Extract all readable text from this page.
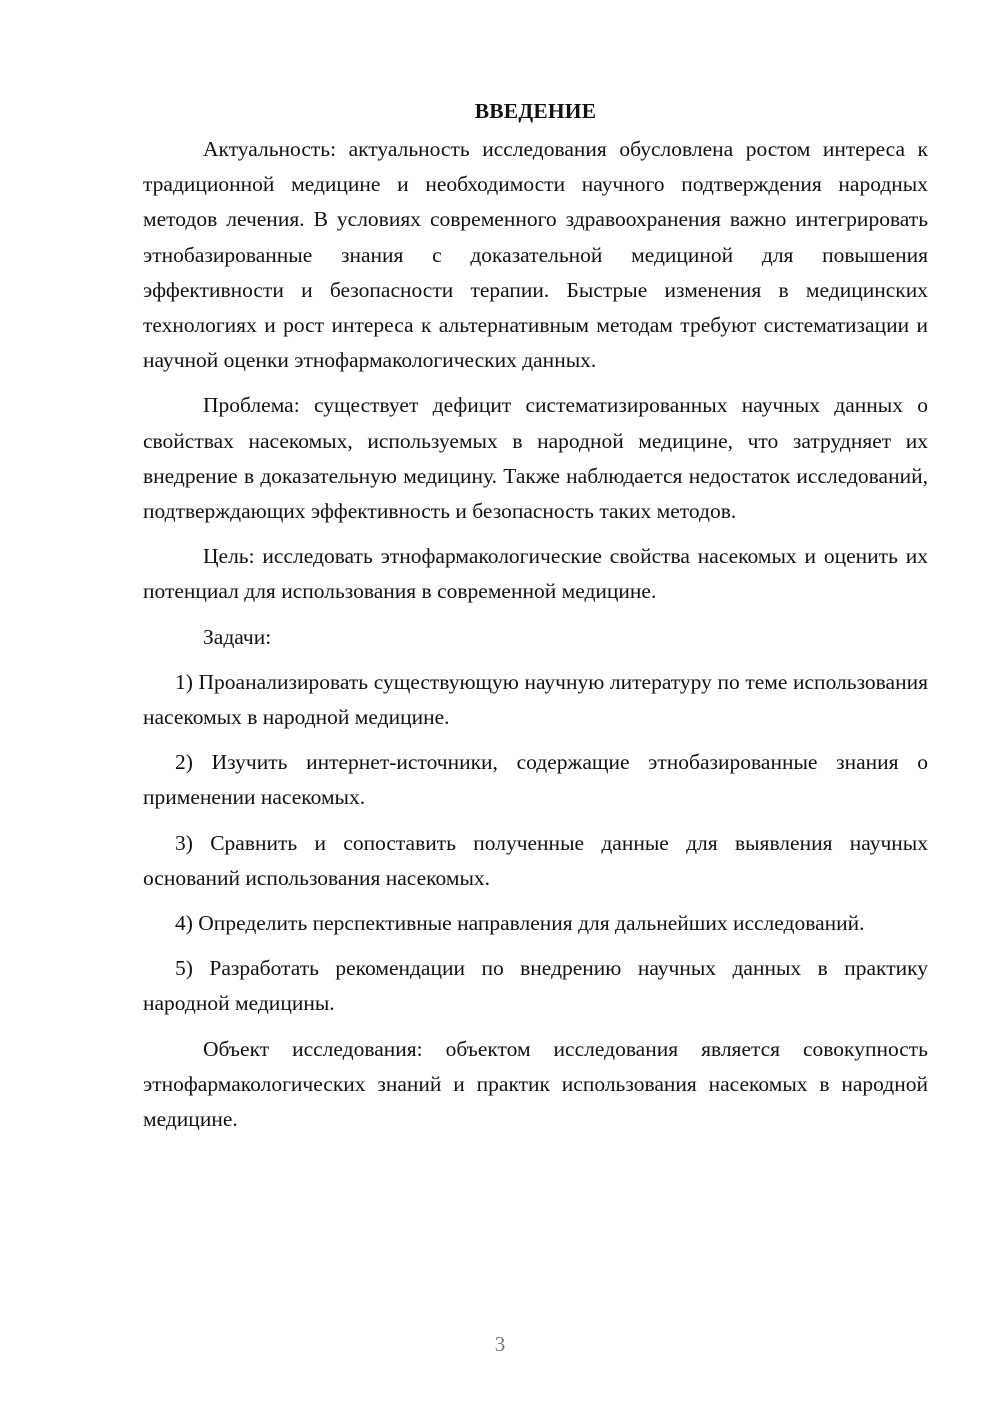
ВВЕДЕНИЕ

Актуальность: актуальность исследования обусловлена ростом интереса к традиционной медицине и необходимости научного подтверждения народных методов лечения. В условиях современного здравоохранения важно интегрировать этнобазированные знания с доказательной медициной для повышения эффективности и безопасности терапии. Быстрые изменения в медицинских технологиях и рост интереса к альтернативным методам требуют систематизации и научной оценки этнофармакологических данных.

Проблема: существует дефицит систематизированных научных данных о свойствах насекомых, используемых в народной медицине, что затрудняет их внедрение в доказательную медицину. Также наблюдается недостаток исследований, подтверждающих эффективность и безопасность таких методов.

Цель: исследовать этнофармакологические свойства насекомых и оценить их потенциал для использования в современной медицине.

Задачи:

1) Проанализировать существующую научную литературу по теме использования насекомых в народной медицине.

2) Изучить интернет-источники, содержащие этнобазированные знания о применении насекомых.

3) Сравнить и сопоставить полученные данные для выявления научных оснований использования насекомых.

4) Определить перспективные направления для дальнейших исследований.

5) Разработать рекомендации по внедрению научных данных в практику народной медицины.

Объект исследования: объектом исследования является совокупность этнофармакологических знаний и практик использования насекомых в народной медицине.

3
